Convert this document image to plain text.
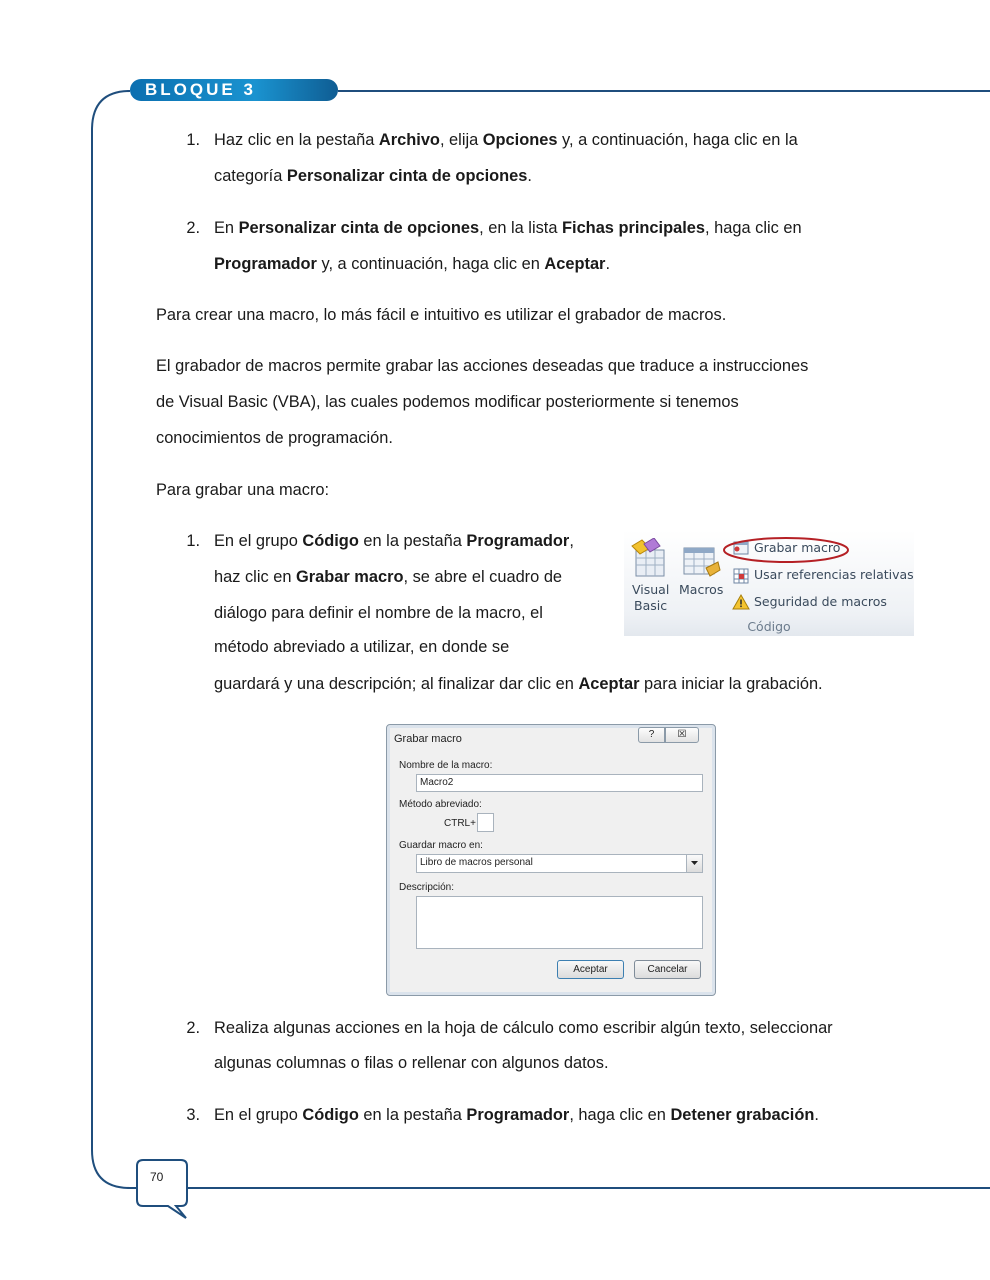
BLOQUE 3
1. Haz clic en la pestaña Archivo, elija Opciones y, a continuación, haga clic en la
categoría Personalizar cinta de opciones.
2. En Personalizar cinta de opciones, en la lista Fichas principales, haga clic en
Programador y, a continuación, haga clic en Aceptar.
Para crear una macro, lo más fácil e intuitivo es utilizar el grabador de macros.
El grabador de macros permite grabar las acciones deseadas que traduce a instrucciones
de Visual Basic (VBA), las cuales podemos modificar posteriormente si tenemos
conocimientos de programación.
Para grabar una macro:
1. En el grupo Código en la pestaña Programador,
haz clic en Grabar macro, se abre el cuadro de
diálogo para definir el nombre de la macro, el
método abreviado a utilizar, en donde se
guardará y una descripción; al finalizar dar clic en Aceptar para iniciar la grabación.
Visual
Basic
Macros
Grabar macro
Usar referencias relativas
Seguridad de macros
Código
Grabar macro	?	☒
Nombre de la macro:
Macro2
Método abreviado:
CTRL+
Guardar macro en:
Libro de macros personal
Descripción:
Aceptar	Cancelar
2. Realiza algunas acciones en la hoja de cálculo como escribir algún texto, seleccionar
algunas columnas o filas o rellenar con algunos datos.
3. En el grupo Código en la pestaña Programador, haga clic en Detener grabación.
70
